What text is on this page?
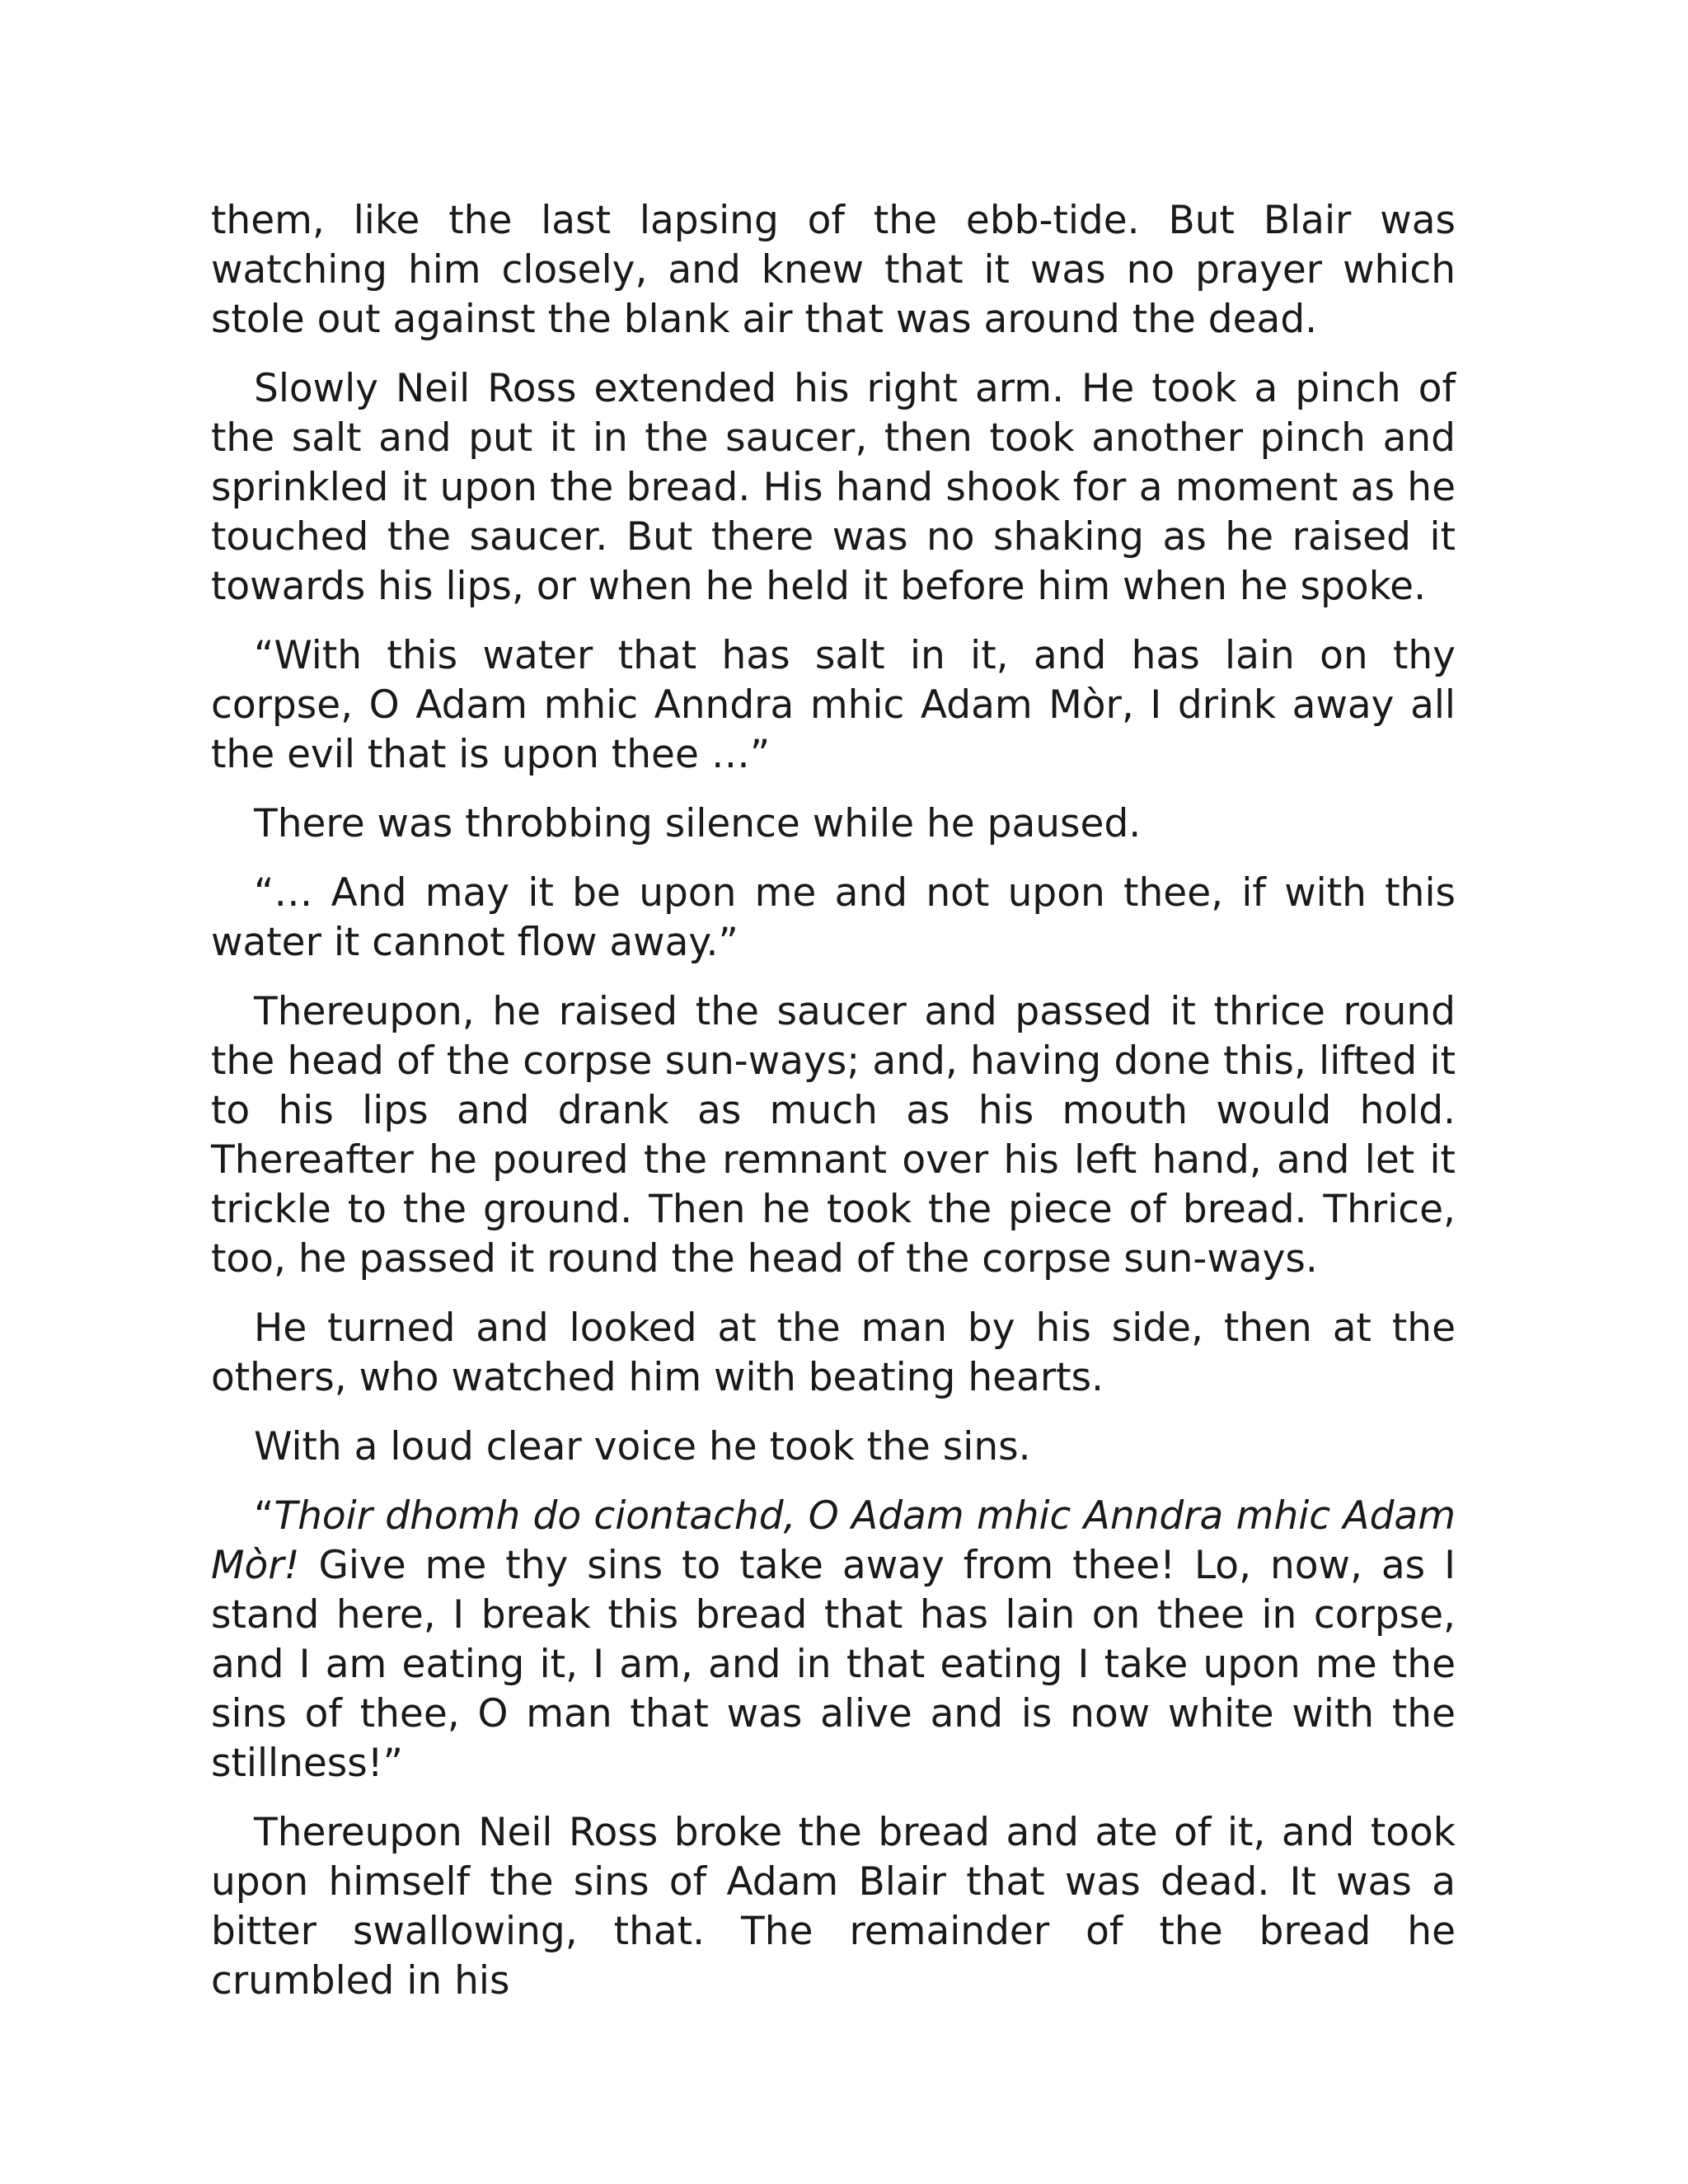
them, like the last lapsing of the ebb-tide. But Blair was watching him closely, and knew that it was no prayer which stole out against the blank air that was around the dead.

Slowly Neil Ross extended his right arm. He took a pinch of the salt and put it in the saucer, then took another pinch and sprinkled it upon the bread. His hand shook for a moment as he touched the saucer. But there was no shaking as he raised it towards his lips, or when he held it before him when he spoke.

“With this water that has salt in it, and has lain on thy corpse, O Adam mhic Anndra mhic Adam Mòr, I drink away all the evil that is upon thee …”

There was throbbing silence while he paused.

“… And may it be upon me and not upon thee, if with this water it cannot flow away.”

Thereupon, he raised the saucer and passed it thrice round the head of the corpse sun-ways; and, having done this, lifted it to his lips and drank as much as his mouth would hold. Thereafter he poured the remnant over his left hand, and let it trickle to the ground. Then he took the piece of bread. Thrice, too, he passed it round the head of the corpse sun-ways.

He turned and looked at the man by his side, then at the others, who watched him with beating hearts.

With a loud clear voice he took the sins.

“Thoir dhomh do ciontachd, O Adam mhic Anndra mhic Adam Mòr! Give me thy sins to take away from thee! Lo, now, as I stand here, I break this bread that has lain on thee in corpse, and I am eating it, I am, and in that eating I take upon me the sins of thee, O man that was alive and is now white with the stillness!”

Thereupon Neil Ross broke the bread and ate of it, and took upon himself the sins of Adam Blair that was dead. It was a bitter swallowing, that. The remainder of the bread he crumbled in his
